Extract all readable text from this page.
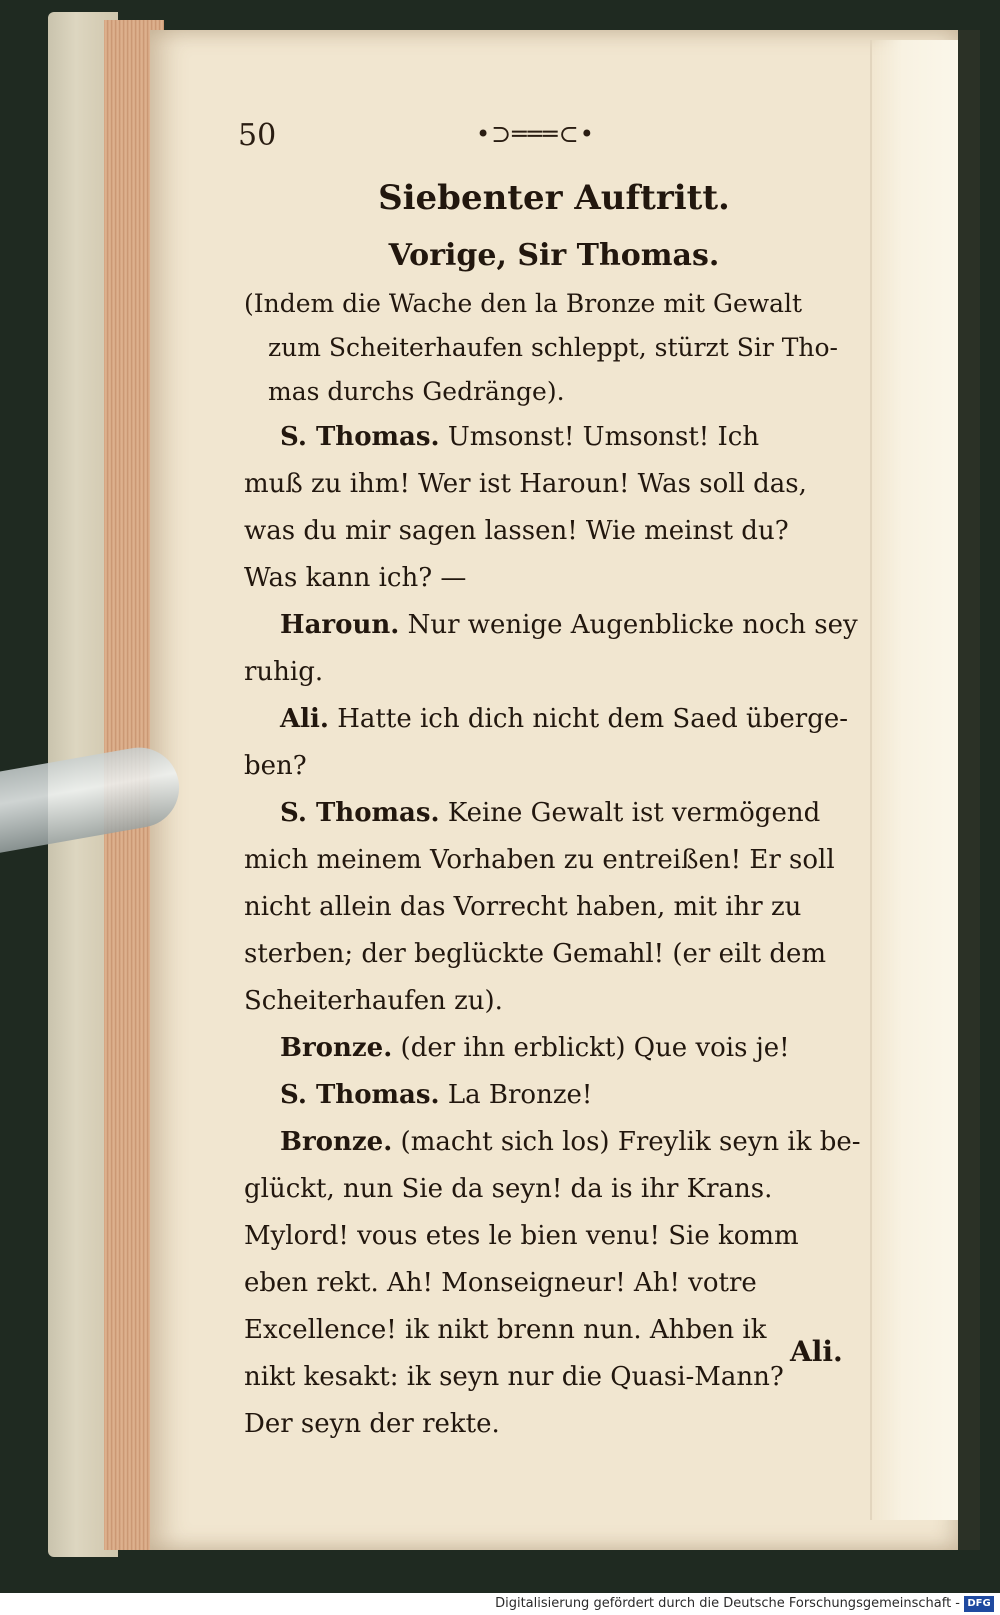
50	•⊃═══⊂•
Siebenter Auftritt.
Vorige, Sir Thomas.
(Indem die Wache den la Bronze mit Gewalt
zum Scheiterhaufen schleppt, stürzt Sir Tho-
mas durchs Gedränge).
S. Thomas. Umsonst! Umsonst! Ich
muß zu ihm! Wer ist Haroun! Was soll das,
was du mir sagen lassen! Wie meinst du?
Was kann ich? —
Haroun. Nur wenige Augenblicke noch sey
ruhig.
Ali. Hatte ich dich nicht dem Saed überge-
ben?
S. Thomas. Keine Gewalt ist vermögend
mich meinem Vorhaben zu entreißen! Er soll
nicht allein das Vorrecht haben, mit ihr zu
sterben; der beglückte Gemahl! (er eilt dem
Scheiterhaufen zu).
Bronze. (der ihn erblickt) Que vois je!
S. Thomas. La Bronze!
Bronze. (macht sich los) Freylik seyn ik be-
glückt, nun Sie da seyn! da is ihr Krans.
Mylord! vous etes le bien venu! Sie komm
eben rekt. Ah! Monseigneur! Ah! votre
Excellence! ik nikt brenn nun. Ahben ik
nikt kesakt: ik seyn nur die Quasi-Mann?
Der seyn der rekte.
Ali.
Digitalisierung gefördert durch die Deutsche Forschungsgemeinschaft - DFG
